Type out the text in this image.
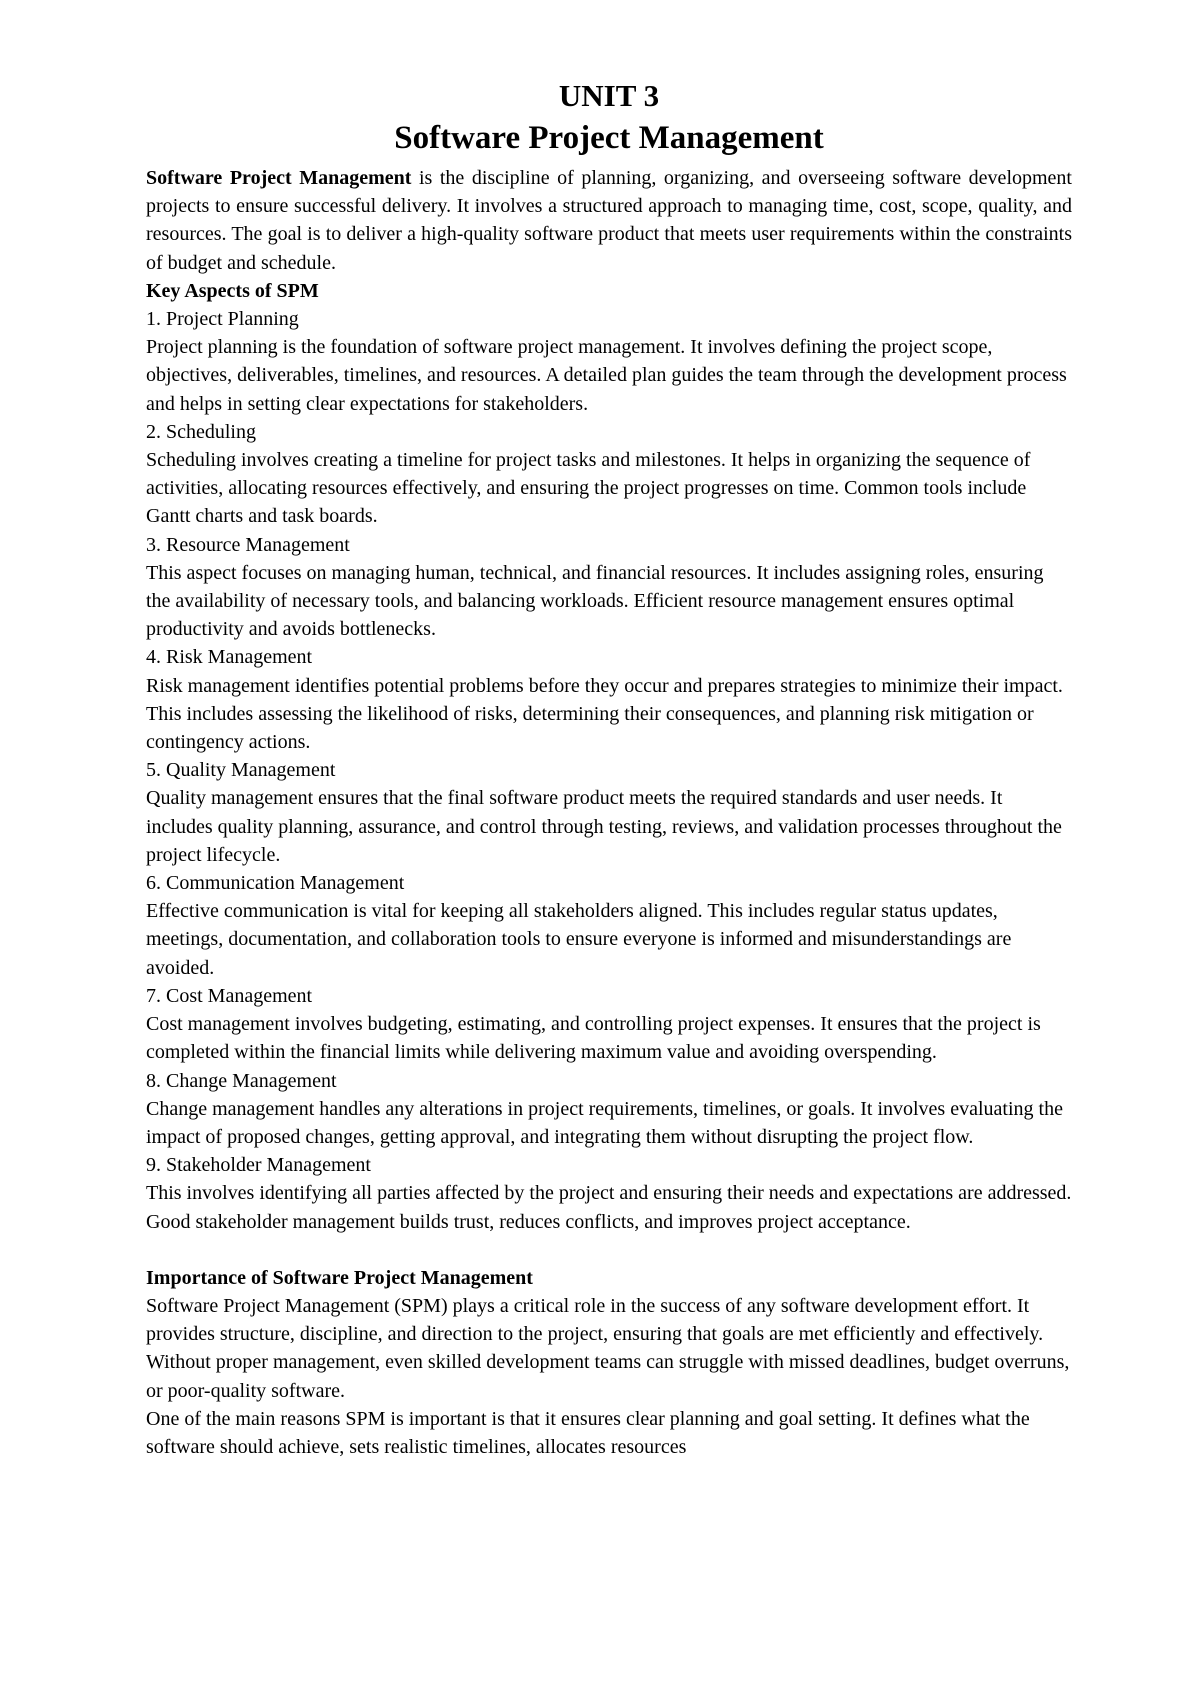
UNIT 3
Software Project Management

Software Project Management is the discipline of planning, organizing, and overseeing software development projects to ensure successful delivery. It involves a structured approach to managing time, cost, scope, quality, and resources. The goal is to deliver a high-quality software product that meets user requirements within the constraints of budget and schedule.

Key Aspects of SPM

1. Project Planning

Project planning is the foundation of software project management. It involves defining the project scope, objectives, deliverables, timelines, and resources. A detailed plan guides the team through the development process and helps in setting clear expectations for stakeholders.

2. Scheduling

Scheduling involves creating a timeline for project tasks and milestones. It helps in organizing the sequence of activities, allocating resources effectively, and ensuring the project progresses on time. Common tools include Gantt charts and task boards.

3. Resource Management

This aspect focuses on managing human, technical, and financial resources. It includes assigning roles, ensuring the availability of necessary tools, and balancing workloads. Efficient resource management ensures optimal productivity and avoids bottlenecks.

4. Risk Management

Risk management identifies potential problems before they occur and prepares strategies to minimize their impact. This includes assessing the likelihood of risks, determining their consequences, and planning risk mitigation or contingency actions.

5. Quality Management

Quality management ensures that the final software product meets the required standards and user needs. It includes quality planning, assurance, and control through testing, reviews, and validation processes throughout the project lifecycle.

6. Communication Management

Effective communication is vital for keeping all stakeholders aligned. This includes regular status updates, meetings, documentation, and collaboration tools to ensure everyone is informed and misunderstandings are avoided.

7. Cost Management

Cost management involves budgeting, estimating, and controlling project expenses. It ensures that the project is completed within the financial limits while delivering maximum value and avoiding overspending.

8. Change Management

Change management handles any alterations in project requirements, timelines, or goals. It involves evaluating the impact of proposed changes, getting approval, and integrating them without disrupting the project flow.

9. Stakeholder Management

This involves identifying all parties affected by the project and ensuring their needs and expectations are addressed. Good stakeholder management builds trust, reduces conflicts, and improves project acceptance.

Importance of Software Project Management

Software Project Management (SPM) plays a critical role in the success of any software development effort. It provides structure, discipline, and direction to the project, ensuring that goals are met efficiently and effectively. Without proper management, even skilled development teams can struggle with missed deadlines, budget overruns, or poor-quality software.

One of the main reasons SPM is important is that it ensures clear planning and goal setting. It defines what the software should achieve, sets realistic timelines, allocates resources
